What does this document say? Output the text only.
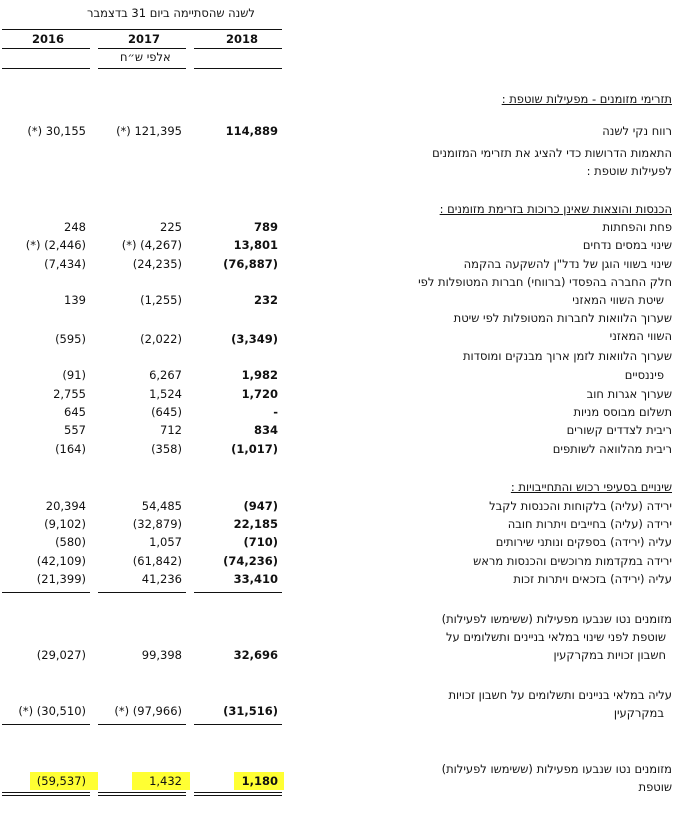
לשנה שהסתיימה ביום 31 בדצמבר
2016	2017	2018
אלפי ש״ח
תזרימי מזומנים - מפעילות שוטפת :
רווח נקי לשנה
114,889
(*) 121,395
(*) 30,155
התאמות הדרושות כדי להציג את תזרימי המזומנים
לפעילות שוטפת :
הכנסות והוצאות שאינן כרוכות בזרימת מזומנים :
פחת והפחתות
789
225
248
שינוי במסים נדחים
13,801
(*) (4,267)
(*) (2,446)
שינוי בשווי הוגן של נדל"ן להשקעה בהקמה
(76,887)
(24,235)
(7,434)
חלק החברה בהפסדי (ברווחי) חברות המטופלות לפי
שיטת השווי המאזני
232
(1,255)
139
שערוך הלוואות לחברות המטופלות לפי שיטת
השווי המאזני
(3,349)
(2,022)
(595)
שערוך הלוואות לזמן ארוך מבנקים ומוסדות
פיננסיים
1,982
6,267
(91)
שערוך אגרות חוב
1,720
1,524
2,755
תשלום מבוסס מניות
-
(645)
645
ריבית לצדדים קשורים
834
712
557
ריבית מהלוואה לשותפים
(1,017)
(358)
(164)
שינויים בסעיפי רכוש והתחייבויות :
ירידה (עליה) בלקוחות והכנסות לקבל
(947)
54,485
20,394
ירידה (עליה) בחייבים ויתרות חובה
22,185
(32,879)
(9,102)
עליה (ירידה) בספקים ונותני שירותים
(710)
1,057
(580)
ירידה במקדמות מרוכשים והכנסות מראש
(74,236)
(61,842)
(42,109)
עליה (ירידה) בזכאים ויתרות זכות
33,410
41,236
(21,399)
מזומנים נטו שנבעו מפעילות (ששימשו לפעילות)
שוטפת לפני שינוי במלאי בניינים ותשלומים על
חשבון זכויות במקרקעין
32,696
99,398
(29,027)
עליה במלאי בניינים ותשלומים על חשבון זכויות
במקרקעין
(31,516)
(*) (97,966)
(*) (30,510)
מזומנים נטו שנבעו מפעילות (ששימשו לפעילות)
שוטפת
1,180
1,432
(59,537)
